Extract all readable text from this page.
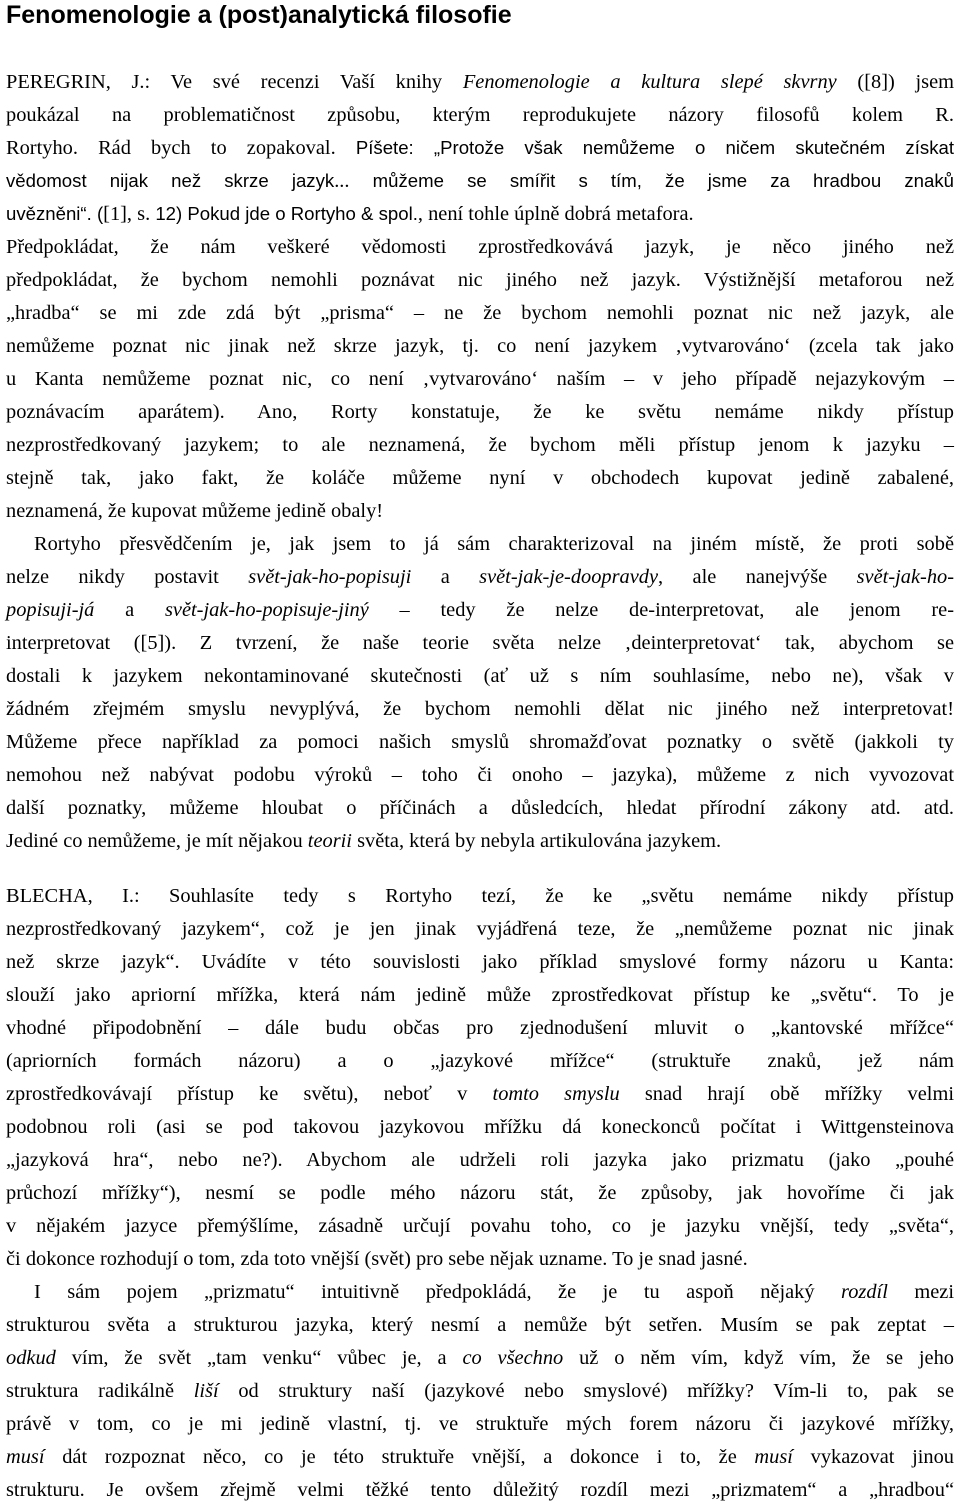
Fenomenologie a (post)analytická filosofie
PEREGRIN, J.: Ve své recenzi Vaší knihy Fenomenologie a kultura slepé skvrny ([8]) jsem
poukázal na problematičnost způsobu, kterým reprodukujete názory filosofů kolem R.
Rortyho. Rád bych to zopakoval. Píšete: „Protože však nemůžeme o ničem skutečném získat
vědomost nijak než skrze jazyk... můžeme se smířit s tím, že jsme za hradbou znaků
uvězněni“. ([1], s. 12) Pokud jde o Rortyho & spol., není tohle úplně dobrá metafora.
Předpokládat, že nám veškeré vědomosti zprostředkovává jazyk, je něco jiného než
předpokládat, že bychom nemohli poznávat nic jiného než jazyk. Výstižnější metaforou než
„hradba“ se mi zde zdá být „prisma“ – ne že bychom nemohli poznat nic než jazyk, ale
nemůžeme poznat nic jinak než skrze jazyk, tj. co není jazykem ‚vytvarováno‘ (zcela tak jako
u Kanta nemůžeme poznat nic, co není ‚vytvarováno‘ naším – v jeho případě nejazykovým –
poznávacím aparátem). Ano, Rorty konstatuje, že ke světu nemáme nikdy přístup
nezprostředkovaný jazykem; to ale neznamená, že bychom měli přístup jenom k jazyku –
stejně tak, jako fakt, že koláče můžeme nyní v obchodech kupovat jedině zabalené,
neznamená, že kupovat můžeme jedině obaly!
Rortyho přesvědčením je, jak jsem to já sám charakterizoval na jiném místě, že proti sobě
nelze nikdy postavit svět-jak-ho-popisuji a svět-jak-je-doopravdy, ale nanejvýše svět-jak-ho-
popisuji-já a svět-jak-ho-popisuje-jiný – tedy že nelze de-interpretovat, ale jenom re-
interpretovat ([5]). Z tvrzení, že naše teorie světa nelze ‚deinterpretovat‘ tak, abychom se
dostali k jazykem nekontaminované skutečnosti (ať už s ním souhlasíme, nebo ne), však v
žádném zřejmém smyslu nevyplývá, že bychom nemohli dělat nic jiného než interpretovat!
Můžeme přece například za pomoci našich smyslů shromažďovat poznatky o světě (jakkoli ty
nemohou než nabývat podobu výroků – toho či onoho – jazyka), můžeme z nich vyvozovat
další poznatky, můžeme hloubat o příčinách a důsledcích, hledat přírodní zákony atd. atd.
Jediné co nemůžeme, je mít nějakou teorii světa, která by nebyla artikulována jazykem.
BLECHA, I.: Souhlasíte tedy s Rortyho tezí, že ke „světu nemáme nikdy přístup
nezprostředkovaný jazykem“, což je jen jinak vyjádřená teze, že „nemůžeme poznat nic jinak
než skrze jazyk“. Uvádíte v této souvislosti jako příklad smyslové formy názoru u Kanta:
slouží jako apriorní mřížka, která nám jedině může zprostředkovat přístup ke „světu“. To je
vhodné připodobnění – dále budu občas pro zjednodušení mluvit o „kantovské mřížce“
(apriorních formách názoru) a o „jazykové mřížce“ (struktuře znaků, jež nám
zprostředkovávají přístup ke světu), neboť v tomto smyslu snad hrají obě mřížky velmi
podobnou roli (asi se pod takovou jazykovou mřížku dá koneckonců počítat i Wittgensteinova
„jazyková hra“, nebo ne?). Abychom ale udrželi roli jazyka jako prizmatu (jako „pouhé
průchozí mřížky“), nesmí se podle mého názoru stát, že způsoby, jak hovoříme či jak
v nějakém jazyce přemýšlíme, zásadně určují povahu toho, co je jazyku vnější, tedy „světa“,
či dokonce rozhodují o tom, zda toto vnější (svět) pro sebe nějak uzname. To je snad jasné.
I sám pojem „prizmatu“ intuitivně předpokládá, že je tu aspoň nějaký rozdíl mezi
strukturou světa a strukturou jazyka, který nesmí a nemůže být setřen. Musím se pak zeptat –
odkud vím, že svět „tam venku“ vůbec je, a co všechno už o něm vím, když vím, že se jeho
struktura radikálně liší od struktury naší (jazykové nebo smyslové) mřížky? Vím-li to, pak se
právě v tom, co je mi jedině vlastní, tj. ve struktuře mých forem názoru či jazykové mřížky,
musí dát rozpoznat něco, co je této struktuře vnější, a dokonce i to, že musí vykazovat jinou
strukturu. Je ovšem zřejmě velmi těžké tento důležitý rozdíl mezi „prizmatem“ a „hradbou“
